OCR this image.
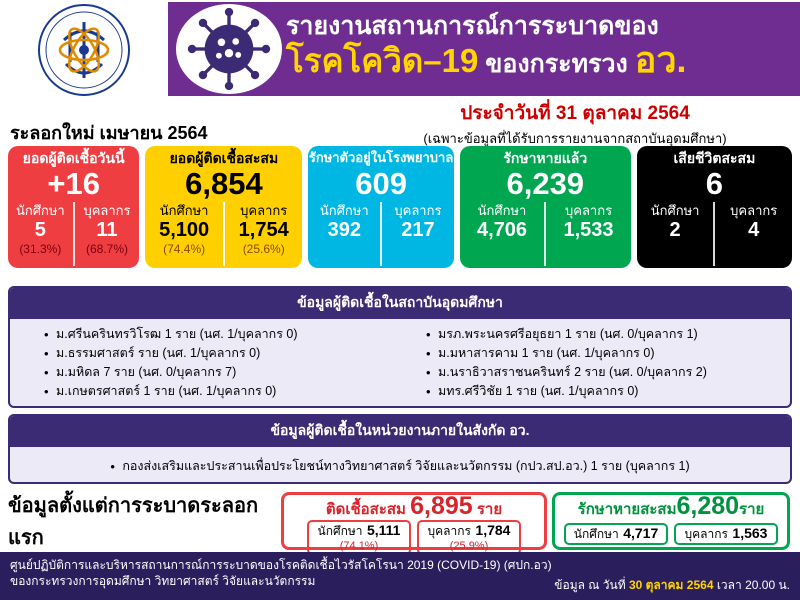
รายงานสถานการณ์การระบาดของ
โรคโควิด–19 ของกระทรวง อว.
ประจำวันที่ 31 ตุลาคม 2564
(เฉพาะข้อมูลที่ได้รับการรายงานจากสถาบันอุดมศึกษา)
ระลอกใหม่ เมษายน 2564
ยอดผู้ติดเชื้อวันนี้
+16
นักศึกษา
5
(31.3%)
บุคลากร
11
(68.7%)
ยอดผู้ติดเชื้อสะสม
6,854
นักศึกษา
5,100
(74.4%)
บุคลากร
1,754
(25.6%)
รักษาตัวอยู่ในโรงพยาบาล
609
นักศึกษา
392
บุคลากร
217
รักษาหายแล้ว
6,239
นักศึกษา
4,706
บุคลากร
1,533
เสียชีวิตสะสม
6
นักศึกษา
2
บุคลากร
4
ข้อมูลผู้ติดเชื้อในสถาบันอุดมศึกษา
• ม.ศรีนครินทรวิโรฒ 1 ราย (นศ. 1/บุคลากร 0)
• ม.ธรรมศาสตร์ ราย (นศ. 1/บุคลากร 0)
• ม.มหิดล 7 ราย (นศ. 0/บุคลากร 7)
• ม.เกษตรศาสตร์ 1 ราย (นศ. 1/บุคลากร 0)
• มรภ.พระนครศรีอยุธยา 1 ราย (นศ. 0/บุคลากร 1)
• ม.มหาสารคาม 1 ราย (นศ. 1/บุคลากร 0)
• ม.นราธิวาสราชนครินทร์ 2 ราย (นศ. 0/บุคลากร 2)
• มทร.ศรีวิชัย 1 ราย (นศ. 1/บุคลากร 0)
ข้อมูลผู้ติดเชื้อในหน่วยงานภายในสังกัด อว.
• กองส่งเสริมและประสานเพื่อประโยชน์ทางวิทยาศาสตร์ วิจัยและนวัตกรรม (กปว.สป.อว.) 1 ราย (บุคลากร 1)
ข้อมูลตั้งแต่การระบาดระลอกแรก
ติดเชื้อสะสม 6,895 ราย
นักศึกษา 5,111
(74.1%)
บุคลากร 1,784
(25.9%)
รักษาหายสะสม6,280ราย
นักศึกษา 4,717	บุคลากร 1,563
ศูนย์ปฏิบัติการและบริหารสถานการณ์การระบาดของโรคติดเชื้อไวรัสโคโรนา 2019 (COVID-19) (ศปก.อว)
ของกระทรวงการอุดมศึกษา วิทยาศาสตร์ วิจัยและนวัตกรรม	ข้อมูล ณ วันที่ 30 ตุลาคม 2564 เวลา 20.00 น.
